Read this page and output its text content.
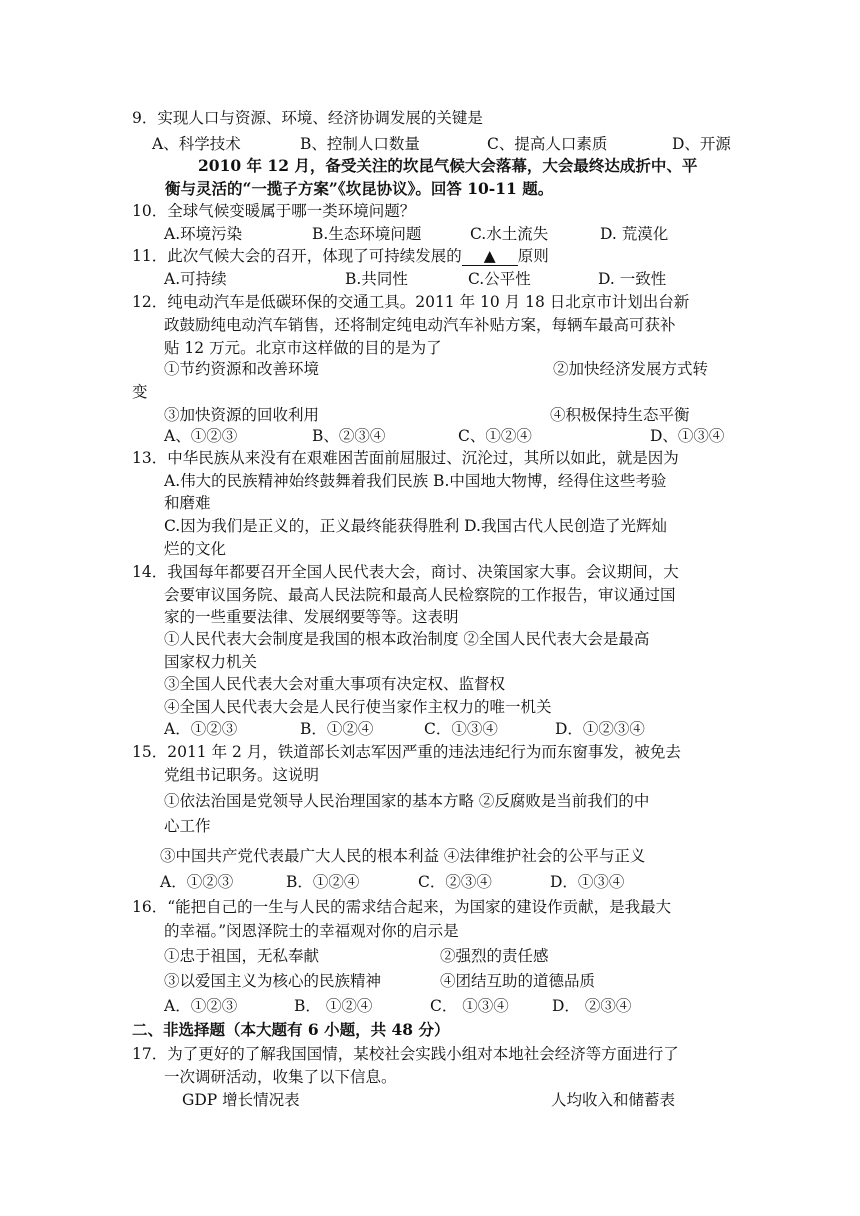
9．实现人口与资源、环境、经济协调发展的关键是
A、科学技术	B、控制人口数量	C、提高人口素质	D、开源
2010 年 12 月，备受关注的坎昆气候大会落幕，大会最终达成折中、平
衡与灵活的“一揽子方案”《坎昆协议》。回答 10-11 题。
10．全球气候变暖属于哪一类环境问题？
A.环境污染	B.生态环境问题	C.水土流失	D. 荒漠化
11．此次气候大会的召开，体现了可持续发展的 ▲ 原则
A.可持续	B.共同性	C.公平性	D. 一致性
12．纯电动汽车是低碳环保的交通工具。2011 年 10 月 18 日北京市计划出台新
政鼓励纯电动汽车销售，还将制定纯电动汽车补贴方案，每辆车最高可获补
贴 12 万元。北京市这样做的目的是为了
①节约资源和改善环境	②加快经济发展方式转
变
③加快资源的回收利用	④积极保持生态平衡
A、①②③	B、②③④	C、①②④	D、①③④
13．中华民族从来没有在艰难困苦面前屈服过、沉沦过，其所以如此，就是因为
A.伟大的民族精神始终鼓舞着我们民族 B.中国地大物博，经得住这些考验
和磨难
C.因为我们是正义的，正义最终能获得胜利 D.我国古代人民创造了光辉灿
烂的文化
14．我国每年都要召开全国人民代表大会，商讨、决策国家大事。会议期间，大
会要审议国务院、最高人民法院和最高人民检察院的工作报告，审议通过国
家的一些重要法律、发展纲要等等。这表明
①人民代表大会制度是我国的根本政治制度 ②全国人民代表大会是最高
国家权力机关
③全国人民代表大会对重大事项有决定权、监督权
④全国人民代表大会是人民行使当家作主权力的唯一机关
A．①②③	B．①②④	C．①③④	D．①②③④
15．2011 年 2 月，铁道部长刘志军因严重的违法违纪行为而东窗事发，被免去
党组书记职务。这说明
①依法治国是党领导人民治理国家的基本方略 ②反腐败是当前我们的中
心工作
③中国共产党代表最广大人民的根本利益 ④法律维护社会的公平与正义
A．①②③	B．①②④	C．②③④	D．①③④
16．“能把自己的一生与人民的需求结合起来，为国家的建设作贡献，是我最大
的幸福。”闵恩泽院士的幸福观对你的启示是
①忠于祖国，无私奉献	②强烈的责任感
③以爱国主义为核心的民族精神	④团结互助的道德品质
A．①②③	B． ①②④	C． ①③④	D． ②③④
二、非选择题（本大题有 6 小题，共 48 分）
17．为了更好的了解我国国情，某校社会实践小组对本地社会经济等方面进行了
一次调研活动，收集了以下信息。
GDP 增长情况表	人均收入和储蓄表
